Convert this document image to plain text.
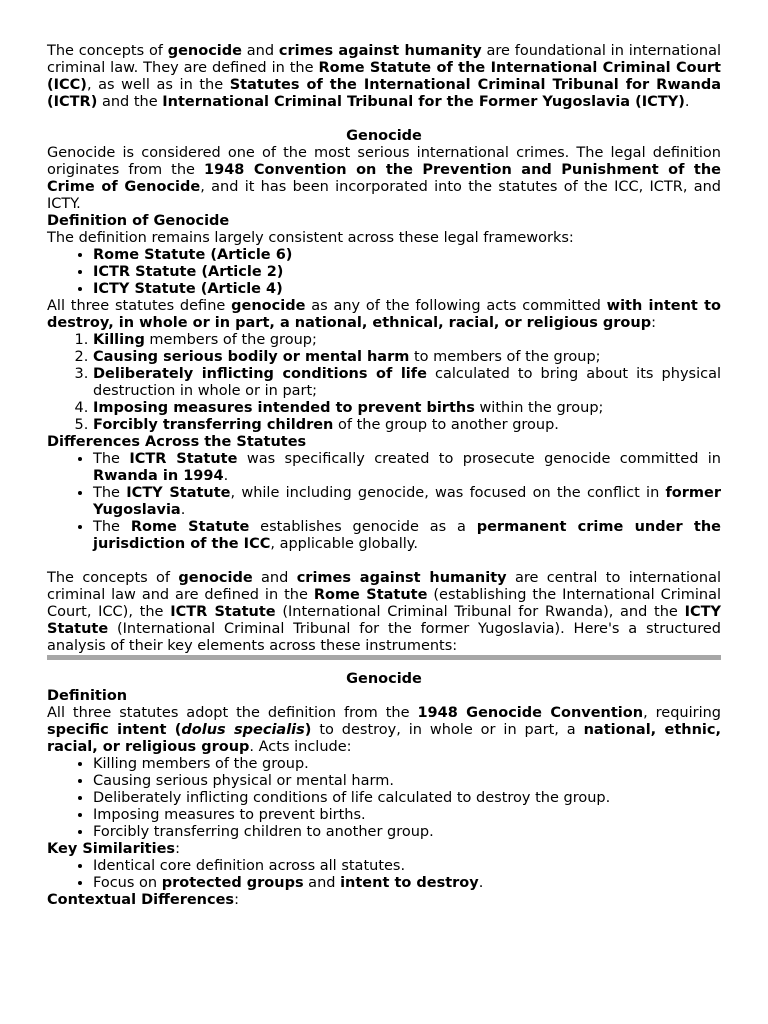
The concepts of genocide and crimes against humanity are foundational in international criminal law. They are defined in the Rome Statute of the International Criminal Court (ICC), as well as in the Statutes of the International Criminal Tribunal for Rwanda (ICTR) and the International Criminal Tribunal for the Former Yugoslavia (ICTY).

Genocide

Genocide is considered one of the most serious international crimes. The legal definition originates from the 1948 Convention on the Prevention and Punishment of the Crime of Genocide, and it has been incorporated into the statutes of the ICC, ICTR, and ICTY.

Definition of Genocide

The definition remains largely consistent across these legal frameworks:

• Rome Statute (Article 6)
• ICTR Statute (Article 2)
• ICTY Statute (Article 4)

All three statutes define genocide as any of the following acts committed with intent to destroy, in whole or in part, a national, ethnical, racial, or religious group:

1. Killing members of the group;
2. Causing serious bodily or mental harm to members of the group;
3. Deliberately inflicting conditions of life calculated to bring about its physical destruction in whole or in part;
4. Imposing measures intended to prevent births within the group;
5. Forcibly transferring children of the group to another group.

Differences Across the Statutes

• The ICTR Statute was specifically created to prosecute genocide committed in Rwanda in 1994.
• The ICTY Statute, while including genocide, was focused on the conflict in former Yugoslavia.
• The Rome Statute establishes genocide as a permanent crime under the jurisdiction of the ICC, applicable globally.

The concepts of genocide and crimes against humanity are central to international criminal law and are defined in the Rome Statute (establishing the International Criminal Court, ICC), the ICTR Statute (International Criminal Tribunal for Rwanda), and the ICTY Statute (International Criminal Tribunal for the former Yugoslavia). Here's a structured analysis of their key elements across these instruments:

Genocide

Definition

All three statutes adopt the definition from the 1948 Genocide Convention, requiring specific intent (dolus specialis) to destroy, in whole or in part, a national, ethnic, racial, or religious group. Acts include:

• Killing members of the group.
• Causing serious physical or mental harm.
• Deliberately inflicting conditions of life calculated to destroy the group.
• Imposing measures to prevent births.
• Forcibly transferring children to another group.

Key Similarities:

• Identical core definition across all statutes.
• Focus on protected groups and intent to destroy.

Contextual Differences:
